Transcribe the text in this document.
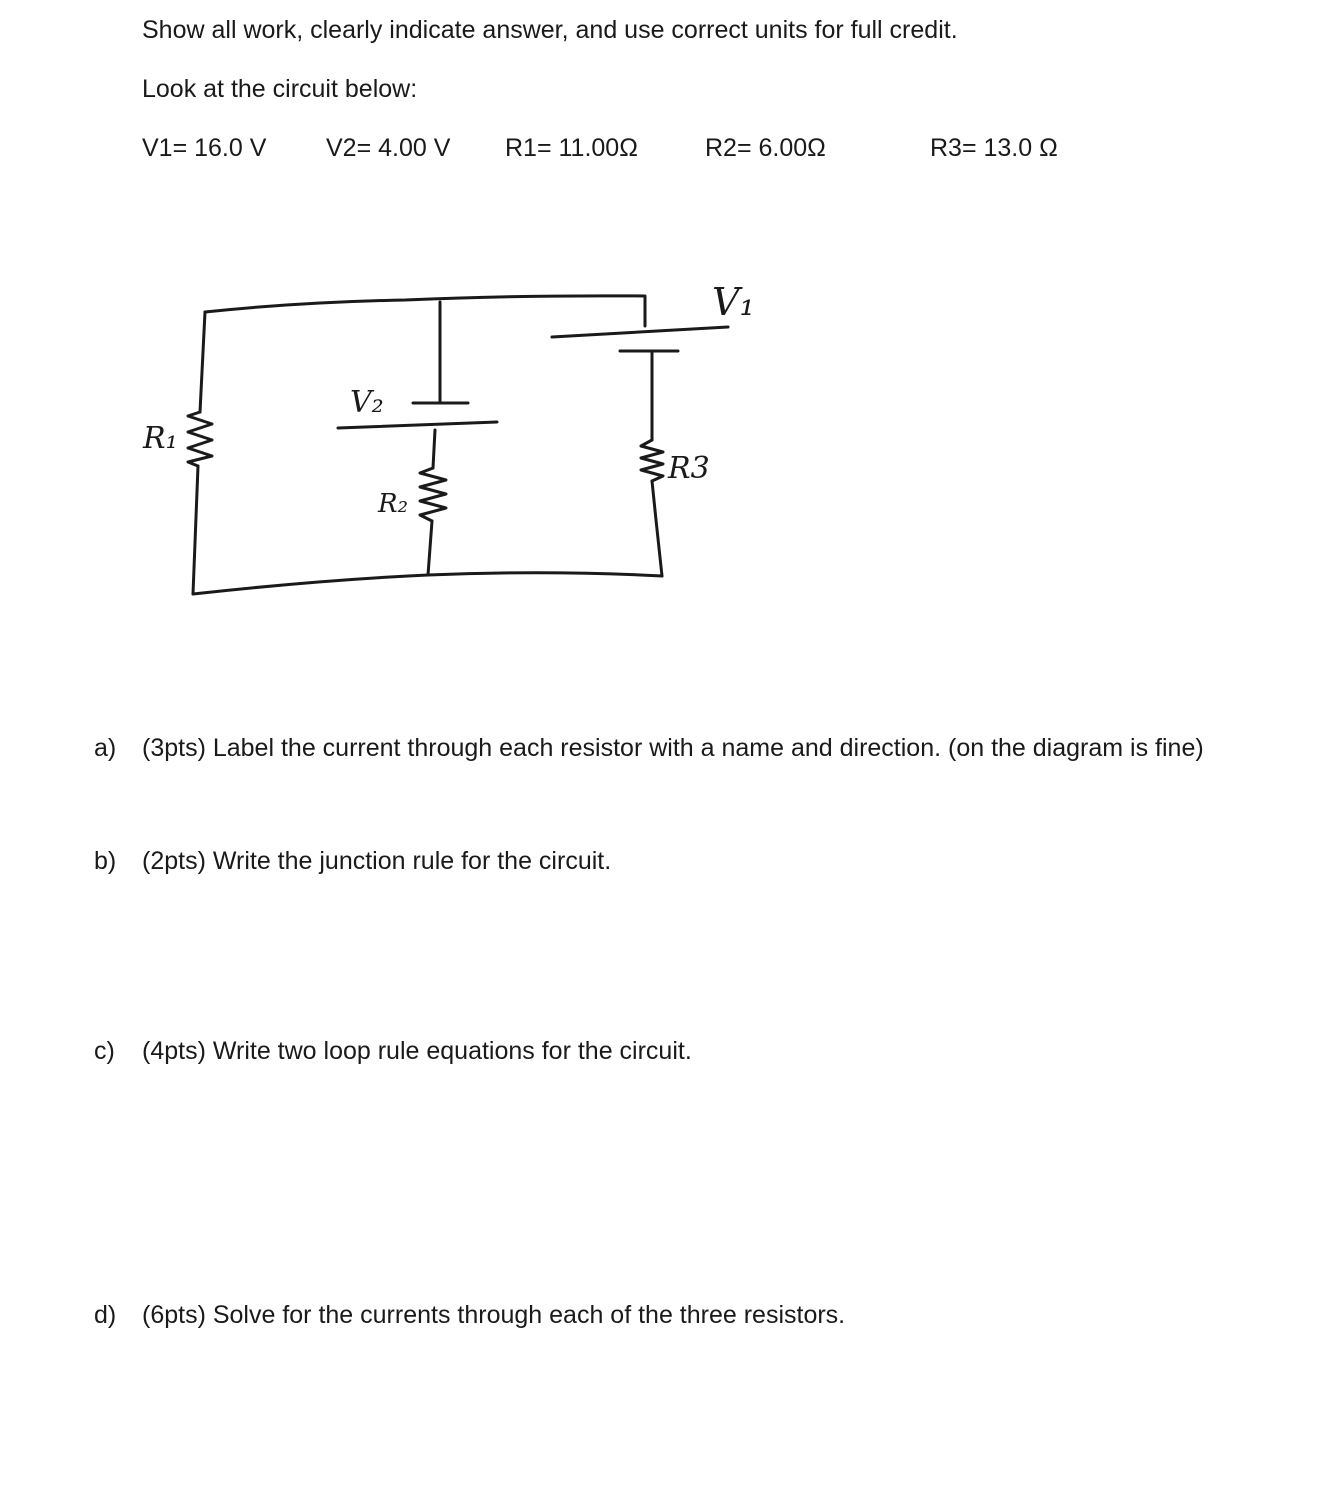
Show all work, clearly indicate answer, and use correct units for full credit.
Look at the circuit below:
V1= 16.0 V V2= 4.00 V R1= 11.00Ω	R2= 6.00Ω	R3= 13.0 Ω
V₁
V₂
R₁
R₂
R3
a) (3pts) Label the current through each resistor with a name and direction. (on the diagram is fine)
b) (2pts) Write the junction rule for the circuit.
c) (4pts) Write two loop rule equations for the circuit.
d) (6pts) Solve for the currents through each of the three resistors.
